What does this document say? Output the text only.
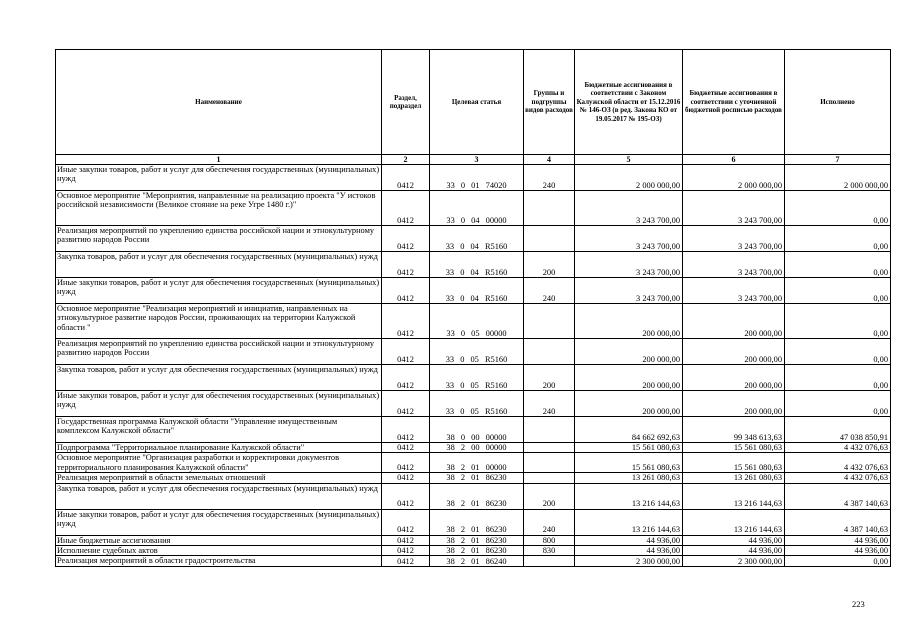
Наименование	Раздел, подраздел	Целевая статья	Группы и подгруппы видов расходов	Бюджетные ассигнования в соответствии с Законом Калужской области от 15.12.2016 № 146-ОЗ (в ред. Закона КО от 19.05.2017 № 195-ОЗ)	Бюджетные ассигнования в соответствии с уточненной бюджетной росписью расходов	Исполнено
1	2	3	4	5	6	7
Иные закупки товаров, работ и услуг для обеспечения государственных (муниципальных) нужд	0412	33 0 01 74020	240	2 000 000,00	2 000 000,00	2 000 000,00
Основное мероприятие "Мероприятия, направленные на реализацию проекта "У истоков российской независимости (Великое стояние на реке Угре 1480 г.)"	0412	33 0 04 00000		3 243 700,00	3 243 700,00	0,00
Реализация мероприятий по укреплению единства российской нации и этнокультурному развитию народов России	0412	33 0 04 R5160		3 243 700,00	3 243 700,00	0,00
Закупка товаров, работ и услуг для обеспечения государственных (муниципальных) нужд	0412	33 0 04 R5160	200	3 243 700,00	3 243 700,00	0,00
Иные закупки товаров, работ и услуг для обеспечения государственных (муниципальных) нужд	0412	33 0 04 R5160	240	3 243 700,00	3 243 700,00	0,00
Основное мероприятие "Реализация мероприятий и инициатив, направленных на этнокультурное развитие народов России, проживающих на территории Калужской области "	0412	33 0 05 00000		200 000,00	200 000,00	0,00
Реализация мероприятий по укреплению единства российской нации и этнокультурному развитию народов России	0412	33 0 05 R5160		200 000,00	200 000,00	0,00
Закупка товаров, работ и услуг для обеспечения государственных (муниципальных) нужд	0412	33 0 05 R5160	200	200 000,00	200 000,00	0,00
Иные закупки товаров, работ и услуг для обеспечения государственных (муниципальных) нужд	0412	33 0 05 R5160	240	200 000,00	200 000,00	0,00
Государственная программа Калужской области "Управление имущественным комплексом Калужской области"	0412	38 0 00 00000		84 662 692,63	99 348 613,63	47 038 850,91
Подпрограмма "Территориальное планирование Калужской области"	0412	38 2 00 00000		15 561 080,63	15 561 080,63	4 432 076,63
Основное мероприятие "Организация разработки и корректировки документов территориального планирования Калужской области"	0412	38 2 01 00000		15 561 080,63	15 561 080,63	4 432 076,63
Реализация мероприятий в области земельных отношений	0412	38 2 01 86230		13 261 080,63	13 261 080,63	4 432 076,63
Закупка товаров, работ и услуг для обеспечения государственных (муниципальных) нужд	0412	38 2 01 86230	200	13 216 144,63	13 216 144,63	4 387 140,63
Иные закупки товаров, работ и услуг для обеспечения государственных (муниципальных) нужд	0412	38 2 01 86230	240	13 216 144,63	13 216 144,63	4 387 140,63
Иные бюджетные ассигнования	0412	38 2 01 86230	800	44 936,00	44 936,00	44 936,00
Исполнение судебных актов	0412	38 2 01 86230	830	44 936,00	44 936,00	44 936,00
Реализация мероприятий в области градостроительства	0412	38 2 01 86240		2 300 000,00	2 300 000,00	0,00
223
